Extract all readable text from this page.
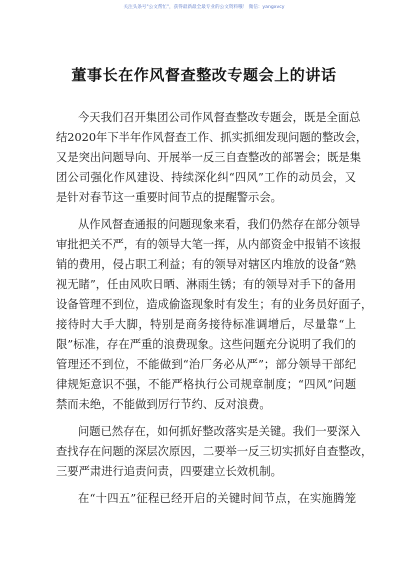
关注头条号"公文帮忙"，获得最新最全最专业的公文资料哦！ 微信：yangxvcy
董事长在作风督查整改专题会上的讲话
今天我们召开集团公司作风督查整改专题会，既是全面总
结2020年下半年作风督查工作、抓实抓细发现问题的整改会，
又是突出问题导向、开展举一反三自查整改的部署会；既是集
团公司强化作风建设、持续深化纠“四风”工作的动员会，又
是针对春节这一重要时间节点的提醒警示会。
从作风督查通报的问题现象来看，我们仍然存在部分领导
审批把关不严，有的领导大笔一挥，从内部资金中报销不该报
销的费用，侵占职工利益；有的领导对辖区内堆放的设备“熟
视无睹”，任由风吹日晒、淋雨生锈；有的领导对手下的备用
设备管理不到位，造成偷盗现象时有发生；有的业务员好面子，
接待时大手大脚，特别是商务接待标准调增后，尽量靠“上
限”标准，存在严重的浪费现象。这些问题充分说明了我们的
管理还不到位，不能做到“治厂务必从严”；部分领导干部纪
律规矩意识不强，不能严格执行公司规章制度；“四风”问题
禁而未绝，不能做到厉行节约、反对浪费。
问题已然存在，如何抓好整改落实是关键。我们一要深入
查找存在问题的深层次原因，二要举一反三切实抓好自查整改，
三要严肃进行追责问责，四要建立长效机制。
在“十四五”征程已经开启的关键时间节点，在实施腾笼
